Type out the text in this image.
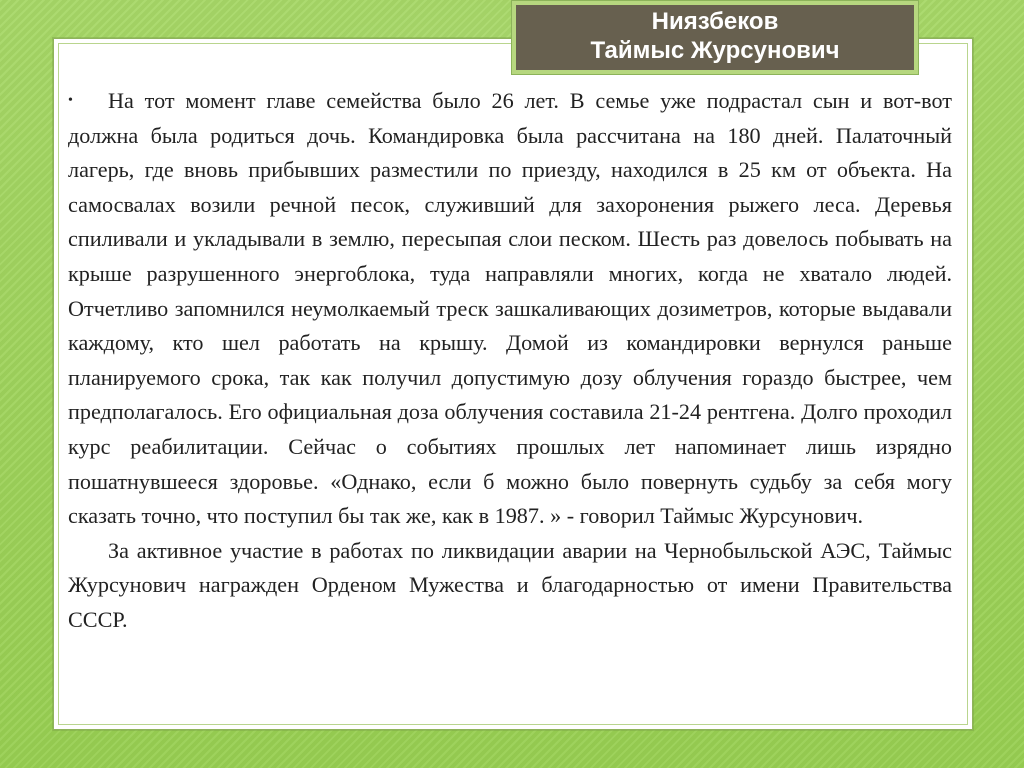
Ниязбеков
Таймыс Журсунович

• На тот момент главе семейства было 26 лет. В семье уже подрастал сын и вот-вот должна была родиться дочь. Командировка была рассчитана на 180 дней. Палаточный лагерь, где вновь прибывших разместили по приезду, находился в 25 км от объекта. На самосвалах возили речной песок, служивший для захоронения рыжего леса. Деревья спиливали и укладывали в землю, пересыпая слои песком. Шесть раз довелось побывать на крыше разрушенного энергоблока, туда направляли многих, когда не хватало людей. Отчетливо запомнился неумолкаемый треск зашкаливающих дозиметров, которые выдавали каждому, кто шел работать на крышу. Домой из командировки вернулся раньше планируемого срока, так как получил допустимую дозу облучения гораздо быстрее, чем предполагалось. Его официальная доза облучения составила 21-24 рентгена. Долго проходил курс реабилитации. Сейчас о событиях прошлых лет напоминает лишь изрядно пошатнувшееся здоровье. «Однако, если б можно было повернуть судьбу за себя могу сказать точно, что поступил бы так же, как в 1987. » - говорил Таймыс Журсунович.

За активное участие в работах по ликвидации аварии на Чернобыльской АЭС, Таймыс Журсунович награжден Орденом Мужества и благодарностью от имени Правительства СССР.
